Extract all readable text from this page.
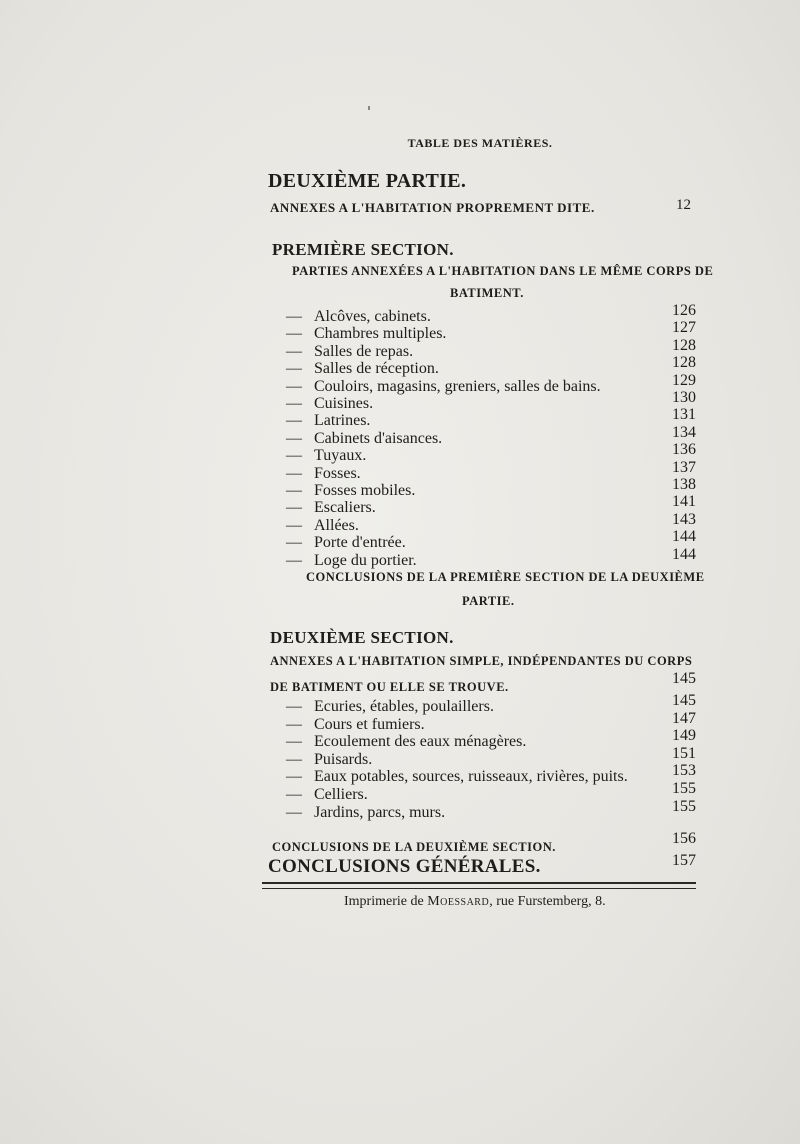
TABLE DES MATIÈRES.
DEUXIÈME PARTIE.
ANNEXES A L'HABITATION PROPREMENT DITE.	12
PREMIÈRE SECTION.
PARTIES ANNEXÉES A L'HABITATION DANS LE MÊME CORPS DE
BATIMENT.
— Alcôves, cabinets.	126
— Chambres multiples.	127
— Salles de repas.	128
— Salles de réception.	128
— Couloirs, magasins, greniers, salles de bains.	129
— Cuisines.	130
— Latrines.	131
— Cabinets d'aisances.	134
— Tuyaux.	136
— Fosses.	137
— Fosses mobiles.	138
— Escaliers.	141
— Allées.	143
— Porte d'entrée.	144
— Loge du portier.	144
CONCLUSIONS DE LA PREMIÈRE SECTION DE LA DEUXIÈME
PARTIE.
DEUXIÈME SECTION.
ANNEXES A L'HABITATION SIMPLE, INDÉPENDANTES DU CORPS
DE BATIMENT OU ELLE SE TROUVE.	145
— Ecuries, étables, poulaillers.	145
— Cours et fumiers.	147
— Ecoulement des eaux ménagères.	149
— Puisards.	151
— Eaux potables, sources, ruisseaux, rivières, puits.	153
— Celliers.	155
— Jardins, parcs, murs.	155
CONCLUSIONS DE LA DEUXIÈME SECTION.	156
CONCLUSIONS GÉNÉRALES.	157
Imprimerie de Moessard, rue Furstemberg, 8.
